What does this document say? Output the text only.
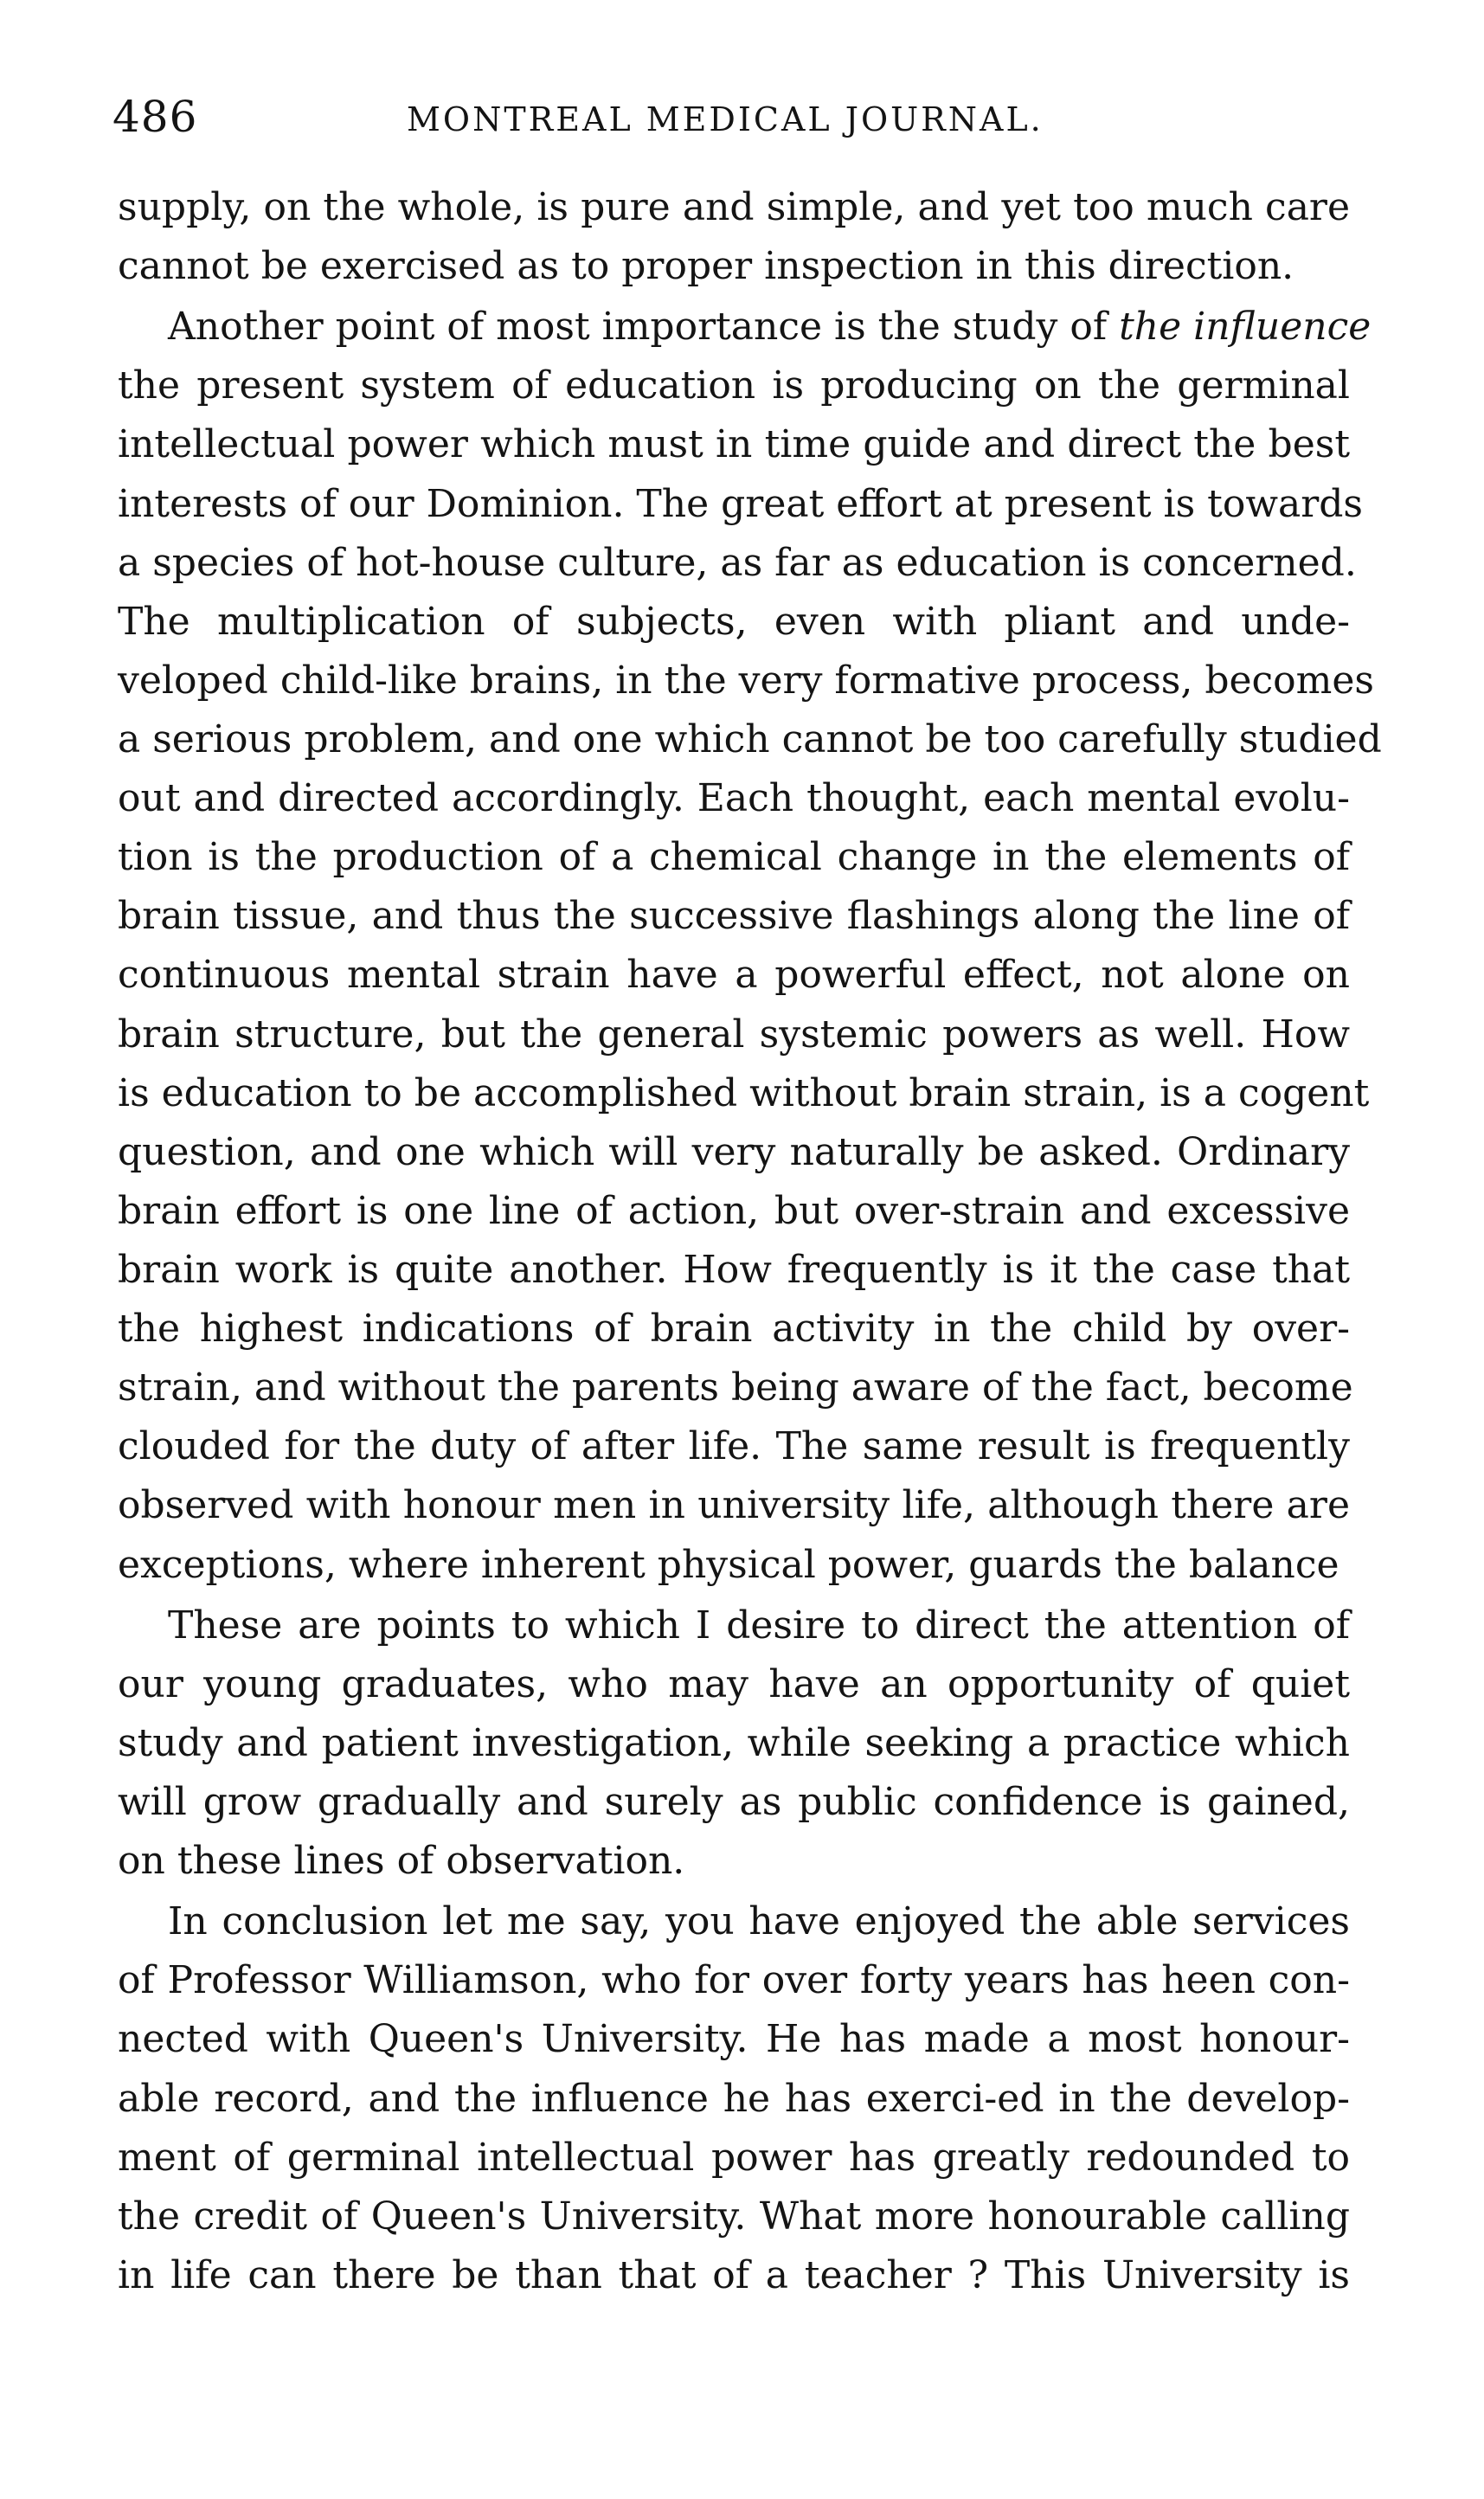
486	MONTREAL MEDICAL JOURNAL.
supply, on the whole, is pure and simple, and yet too much care
cannot be exercised as to proper inspection in this direction.
Another point of most importance is the study of the influence
the present system of education is producing on the germinal
intellectual power which must in time guide and direct the best
interests of our Dominion. The great effort at present is towards
a species of hot-house culture, as far as education is concerned.
The multiplication of subjects, even with pliant and unde-
veloped child-like brains, in the very formative process, becomes
a serious problem, and one which cannot be too carefully studied
out and directed accordingly. Each thought, each mental evolu-
tion is the production of a chemical change in the elements of
brain tissue, and thus the successive flashings along the line of
continuous mental strain have a powerful effect, not alone on
brain structure, but the general systemic powers as well. How
is education to be accomplished without brain strain, is a cogent
question, and one which will very naturally be asked. Ordinary
brain effort is one line of action, but over-strain and excessive
brain work is quite another. How frequently is it the case that
the highest indications of brain activity in the child by over-
strain, and without the parents being aware of the fact, become
clouded for the duty of after life. The same result is frequently
observed with honour men in university life, although there are
exceptions, where inherent physical power, guards the balance
These are points to which I desire to direct the attention of
our young graduates, who may have an opportunity of quiet
study and patient investigation, while seeking a practice which
will grow gradually and surely as public confidence is gained,
on these lines of observation.
In conclusion let me say, you have enjoyed the able services
of Professor Williamson, who for over forty years has heen con-
nected with Queen's University. He has made a most honour-
able record, and the influence he has exerci-ed in the develop-
ment of germinal intellectual power has greatly redounded to
the credit of Queen's University. What more honourable calling
in life can there be than that of a teacher ? This University is
